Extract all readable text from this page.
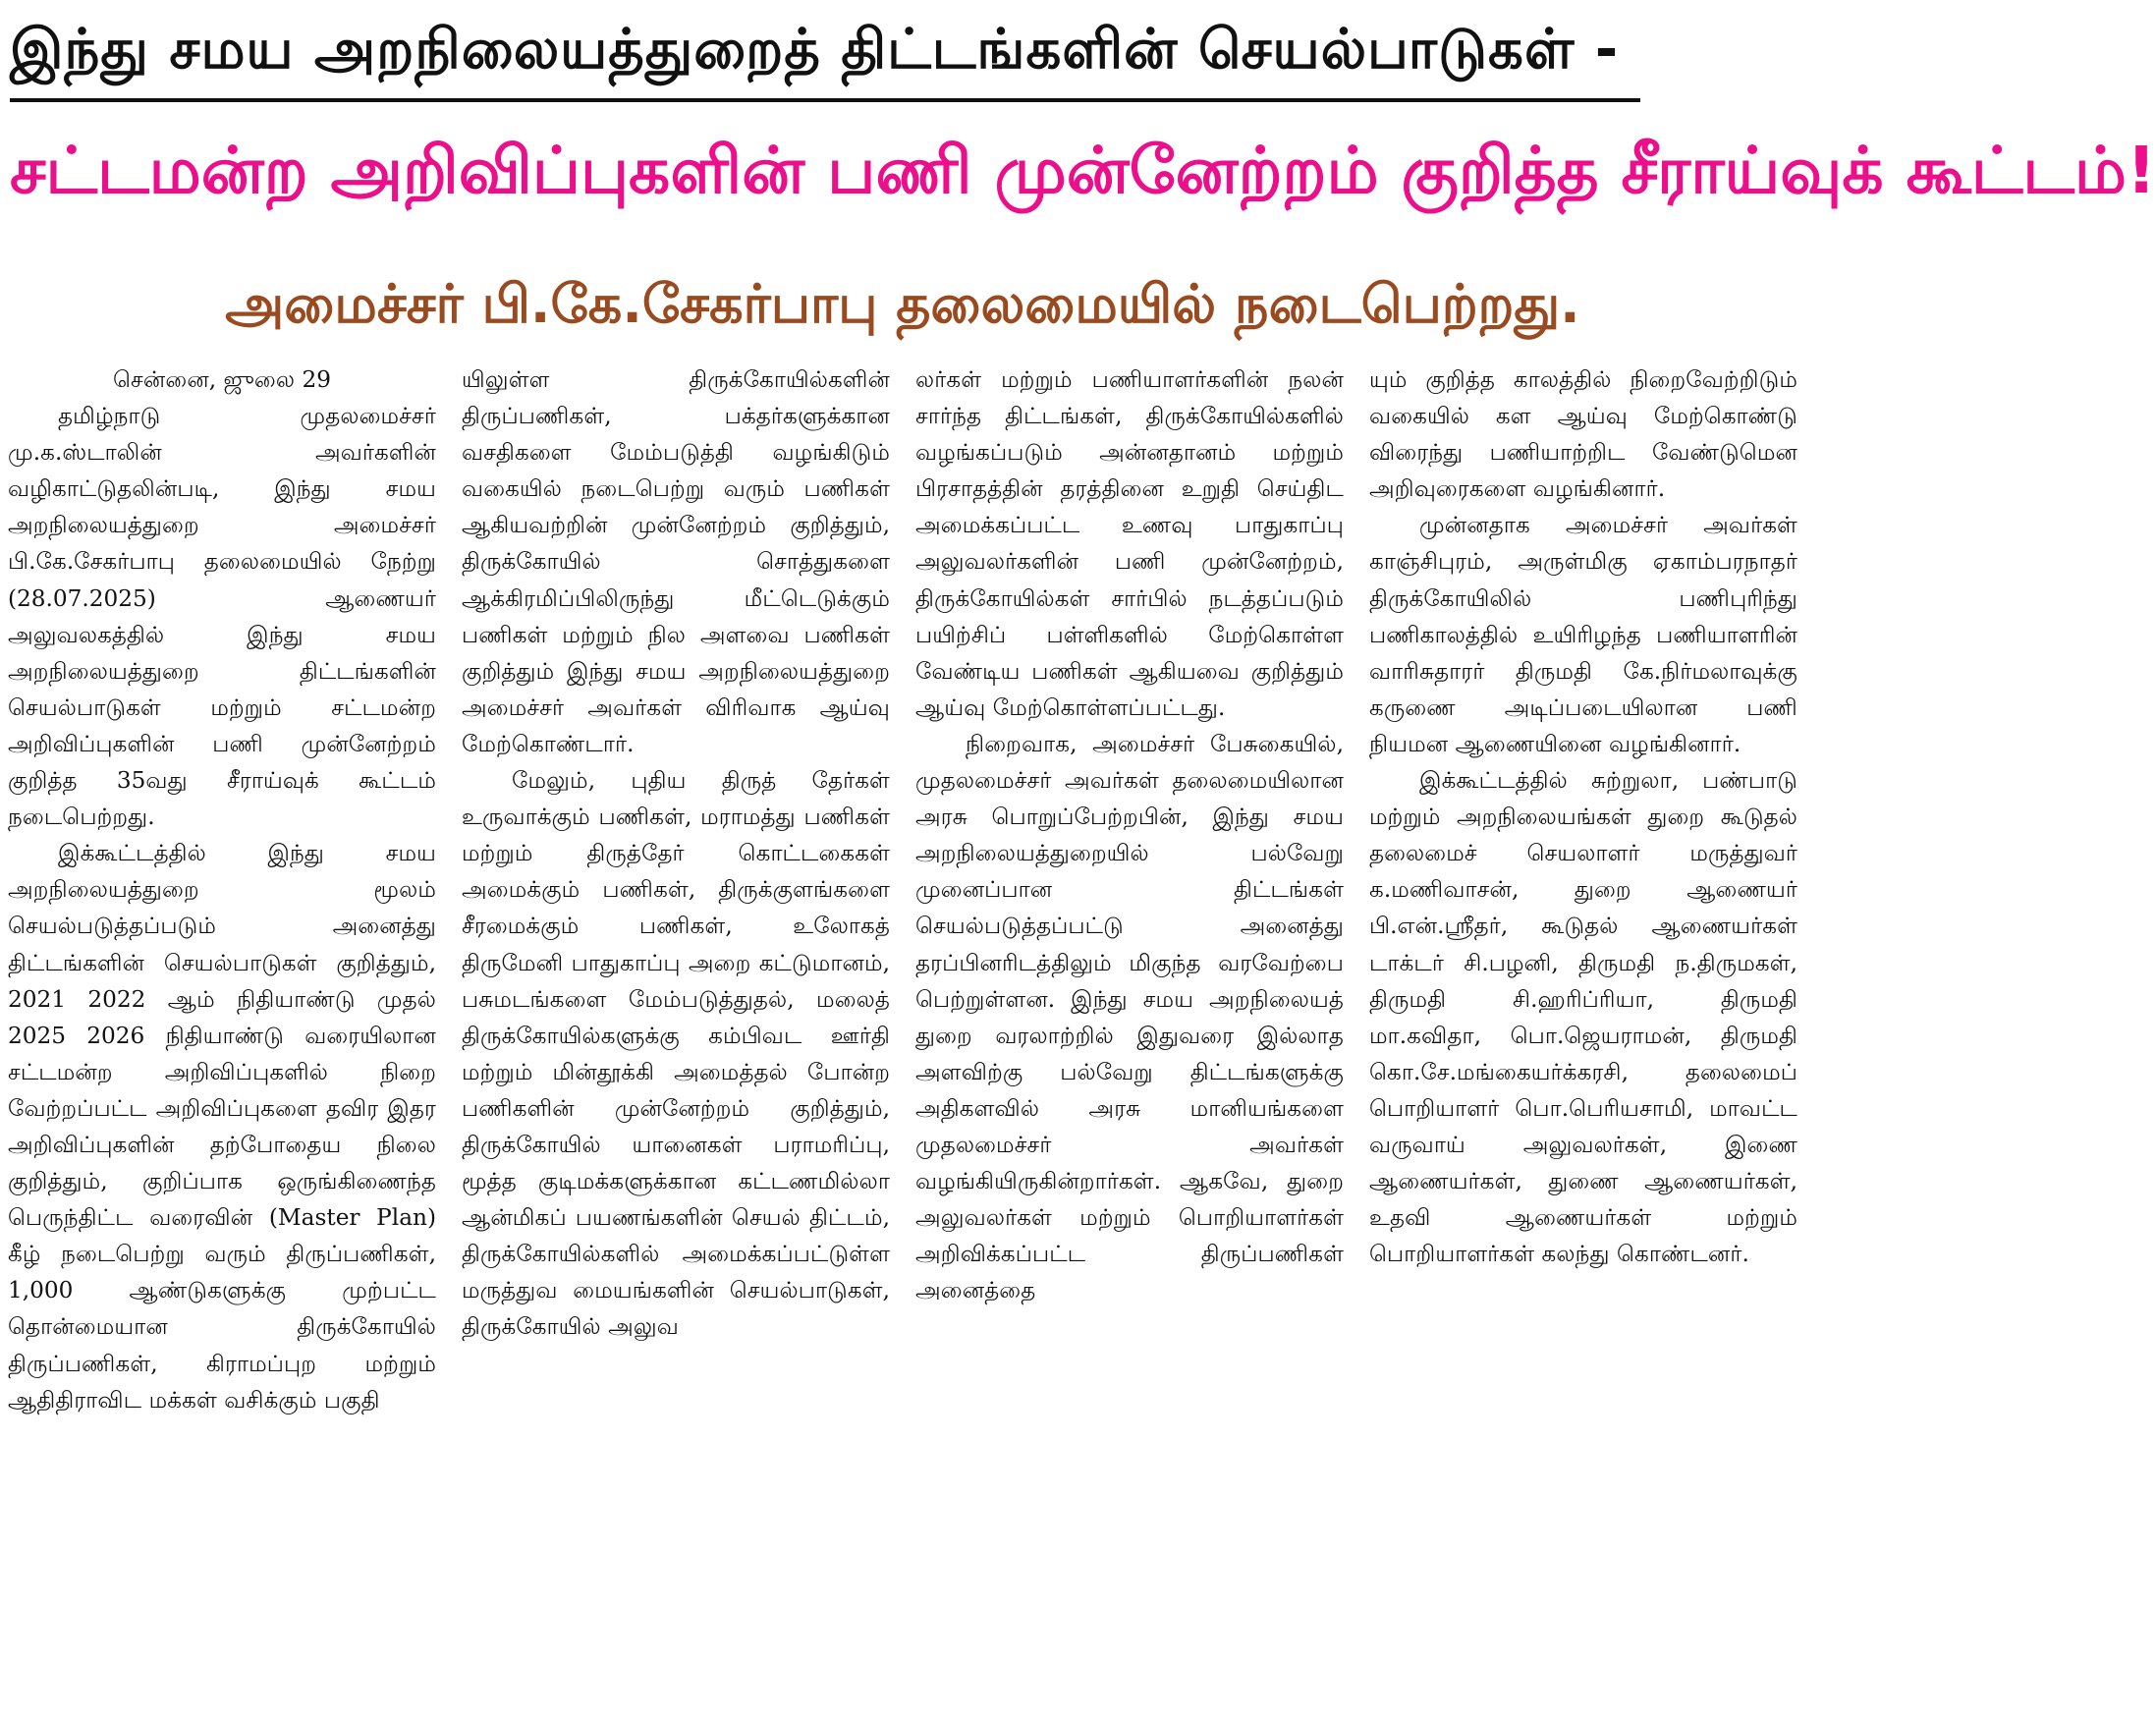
இந்து சமய அறநிலையத்துறைத் திட்டங்களின் செயல்பாடுகள் -
சட்டமன்ற அறிவிப்புகளின் பணி முன்னேற்றம் குறித்த சீராய்வுக் கூட்டம்!
அமைச்சர் பி.கே.சேகர்பாபு தலைமையில் நடைபெற்றது.
சென்னை, ஜுலை 29

தமிழ்நாடு முதலமைச்சர் மு.க.ஸ்டாலின் அவர்களின் வழிகாட்டுதலின்படி, இந்து சமய அறநிலையத்துறை அமைச்சர் பி.கே.சேகர்பாபு தலைமையில் நேற்று (28.07.2025) ஆணையர் அலுவலகத்தில் இந்து சமய அறநிலையத்துறை திட்டங்களின் செயல்பாடுகள் மற்றும் சட்டமன்ற அறிவிப்புகளின் பணி முன்னேற்றம் குறித்த 35வது சீராய்வுக் கூட்டம் நடைபெற்றது.

இக்கூட்டத்தில் இந்து சமய அறநிலையத்துறை மூலம் செயல்படுத்தப்படும் அனைத்து திட்டங்களின் செயல்பாடுகள் குறித்தும், 2021 2022 ஆம் நிதியாண்டு முதல் 2025 2026 நிதியாண்டு வரையிலான சட்டமன்ற அறிவிப்புகளில் நிறை வேற்றப்பட்ட அறிவிப்புகளை தவிர இதர அறிவிப்புகளின் தற்போதைய நிலை குறித்தும், குறிப்பாக ஒருங்கிணைந்த பெருந்திட்ட வரைவின் (Master Plan) கீழ் நடைபெற்று வரும் திருப்பணிகள், 1,000 ஆண்டுகளுக்கு முற்பட்ட தொன்மையான திருக்கோயில் திருப்பணிகள், கிராமப்புற மற்றும் ஆதிதிராவிட மக்கள் வசிக்கும் பகுதி

யிலுள்ள திருக்கோயில்களின் திருப்பணிகள், பக்தர்களுக்கான வசதிகளை மேம்படுத்தி வழங்கிடும் வகையில் நடைபெற்று வரும் பணிகள் ஆகியவற்றின் முன்னேற்றம் குறித்தும், திருக்கோயில் சொத்துகளை ஆக்கிரமிப்பிலிருந்து மீட்டெடுக்கும் பணிகள் மற்றும் நில அளவை பணிகள் குறித்தும் இந்து சமய அறநிலையத்துறை அமைச்சர் அவர்கள் விரிவாக ஆய்வு மேற்கொண்டார்.

மேலும், புதிய திருத் தேர்கள் உருவாக்கும் பணிகள், மராமத்து பணிகள் மற்றும் திருத்தேர் கொட்டகைகள் அமைக்கும் பணிகள், திருக்குளங்களை சீரமைக்கும் பணிகள், உலோகத் திருமேனி பாதுகாப்பு அறை கட்டுமானம், பசுமடங்களை மேம்படுத்துதல், மலைத் திருக்கோயில்களுக்கு கம்பிவட ஊர்தி மற்றும் மின்தூக்கி அமைத்தல் போன்ற பணிகளின் முன்னேற்றம் குறித்தும், திருக்கோயில் யானைகள் பராமரிப்பு, மூத்த குடிமக்களுக்கான கட்டணமில்லா ஆன்மிகப் பயணங்களின் செயல் திட்டம், திருக்கோயில்களில் அமைக்கப்பட்டுள்ள மருத்துவ மையங்களின் செயல்பாடுகள், திருக்கோயில் அலுவ

லர்கள் மற்றும் பணியாளர்களின் நலன் சார்ந்த திட்டங்கள், திருக்கோயில்களில் வழங்கப்படும் அன்னதானம் மற்றும் பிரசாதத்தின் தரத்தினை உறுதி செய்திட அமைக்கப்பட்ட உணவு பாதுகாப்பு அலுவலர்களின் பணி முன்னேற்றம், திருக்கோயில்கள் சார்பில் நடத்தப்படும் பயிற்சிப் பள்ளிகளில் மேற்கொள்ள வேண்டிய பணிகள் ஆகியவை குறித்தும் ஆய்வு மேற்கொள்ளப்பட்டது.

நிறைவாக, அமைச்சர் பேசுகையில், முதலமைச்சர் அவர்கள் தலைமையிலான அரசு பொறுப்பேற்றபின், இந்து சமய அறநிலையத்துறையில் பல்வேறு முனைப்பான திட்டங்கள் செயல்படுத்தப்பட்டு அனைத்து தரப்பினரிடத்திலும் மிகுந்த வரவேற்பை பெற்றுள்ளன. இந்து சமய அறநிலையத் துறை வரலாற்றில் இதுவரை இல்லாத அளவிற்கு பல்வேறு திட்டங்களுக்கு அதிகளவில் அரசு மானியங்களை முதலமைச்சர் அவர்கள் வழங்கியிருகின்றார்கள். ஆகவே, துறை அலுவலர்கள் மற்றும் பொறியாளர்கள் அறிவிக்கப்பட்ட திருப்பணிகள் அனைத்தை

யும் குறித்த காலத்தில் நிறைவேற்றிடும் வகையில் கள ஆய்வு மேற்கொண்டு விரைந்து பணியாற்றிட வேண்டுமென அறிவுரைகளை வழங்கினார்.

முன்னதாக அமைச்சர் அவர்கள் காஞ்சிபுரம், அருள்மிகு ஏகாம்பரநாதர் திருக்கோயிலில் பணிபுரிந்து பணிகாலத்தில் உயிரிழந்த பணியாளரின் வாரிசுதாரர் திருமதி கே.நிர்மலாவுக்கு கருணை அடிப்படையிலான பணி நியமன ஆணையினை வழங்கினார்.

இக்கூட்டத்தில் சுற்றுலா, பண்பாடு மற்றும் அறநிலையங்கள் துறை கூடுதல் தலைமைச் செயலாளர் மருத்துவர் க.மணிவாசன், துறை ஆணையர் பி.என்.ஸ்ரீதர், கூடுதல் ஆணையர்கள் டாக்டர் சி.பழனி, திருமதி ந.திருமகள், திருமதி சி.ஹரிப்ரியா, திருமதி மா.கவிதா, பொ.ஜெயராமன், திருமதி கொ.சே.மங்கையர்க்கரசி, தலைமைப் பொறியாளர் பொ.பெரியசாமி, மாவட்ட வருவாய் அலுவலர்கள், இணை ஆணையர்கள், துணை ஆணையர்கள், உதவி ஆணையர்கள் மற்றும் பொறியாளர்கள் கலந்து கொண்டனர்.
